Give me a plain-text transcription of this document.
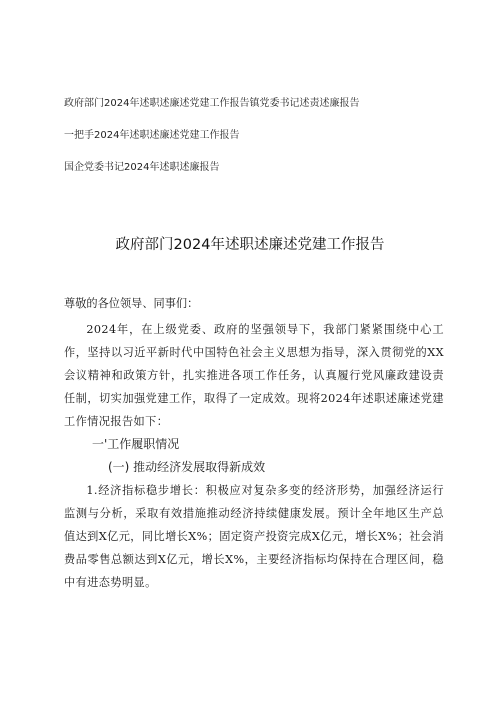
政府部门2024年述职述廉述党建工作报告镇党委书记述责述廉报告
一把手2024年述职述廉述党建工作报告
国企党委书记2024年述职述廉报告
政府部门2024年述职述廉述党建工作报告

尊敬的各位领导、同事们：

2024年，在上级党委、政府的坚强领导下，我部门紧紧围绕中心工作，坚持以习近平新时代中国特色社会主义思想为指导，深入贯彻党的XX会议精神和政策方针，扎实推进各项工作任务，认真履行党风廉政建设责任制，切实加强党建工作，取得了一定成效。现将2024年述职述廉述党建工作情况报告如下：

一'工作履职情况

(一) 推动经济发展取得新成效

1.经济指标稳步增长：积极应对复杂多变的经济形势，加强经济运行监测与分析，采取有效措施推动经济持续健康发展。预计全年地区生产总值达到X亿元，同比增长X%；固定资产投资完成X亿元，增长X%；社会消费品零售总额达到X亿元，增长X%，主要经济指标均保持在合理区间，稳中有进态势明显。
